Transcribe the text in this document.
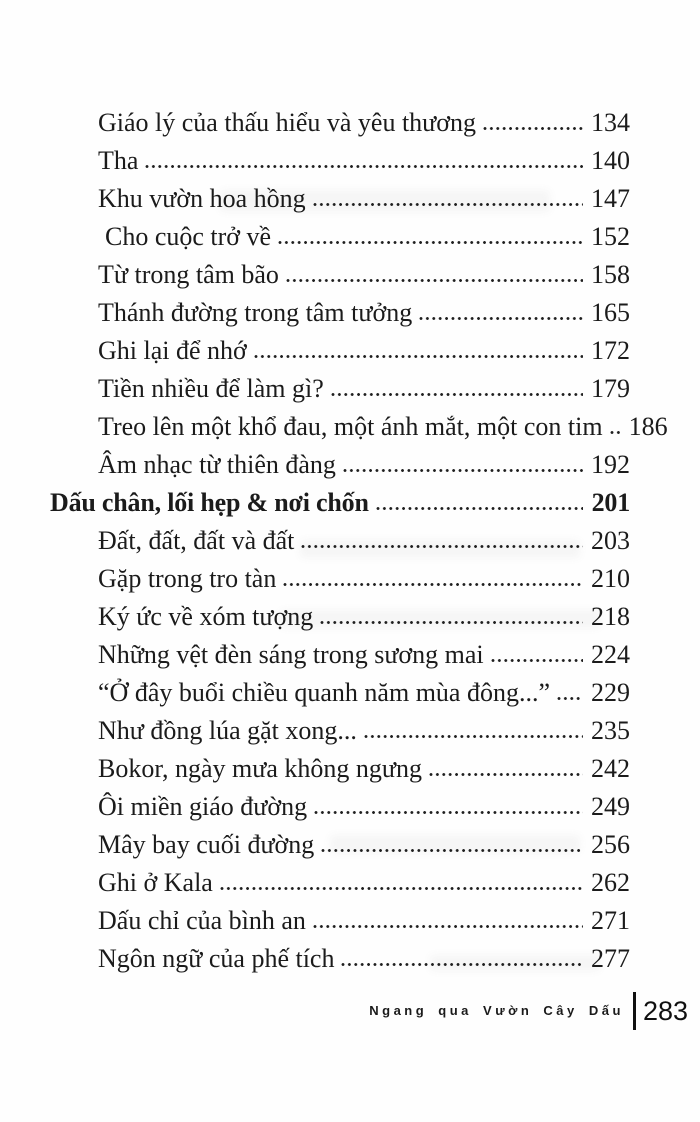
Giáo lý của thấu hiểu và yêu thương	134
Tha	140
Khu vườn hoa hồng	147
Cho cuộc trở về	152
Từ trong tâm bão	158
Thánh đường trong tâm tưởng	165
Ghi lại để nhớ	172
Tiền nhiều để làm gì?	179
Treo lên một khổ đau, một ánh mắt, một con tim 186
Âm nhạc từ thiên đàng	192
Dấu chân, lối hẹp & nơi chốn	201
Đất, đất, đất và đất	203
Gặp trong tro tàn	210
Ký ức về xóm tượng	218
Những vệt đèn sáng trong sương mai	224
“Ở đây buổi chiều quanh năm mùa đông...” 229
Như đồng lúa gặt xong...	235
Bokor, ngày mưa không ngưng	242
Ôi miền giáo đường	249
Mây bay cuối đường	256
Ghi ở Kala	262
Dấu chỉ của bình an	271
Ngôn ngữ của phế tích	277
Ngang qua Vườn Cây Dấu 283
